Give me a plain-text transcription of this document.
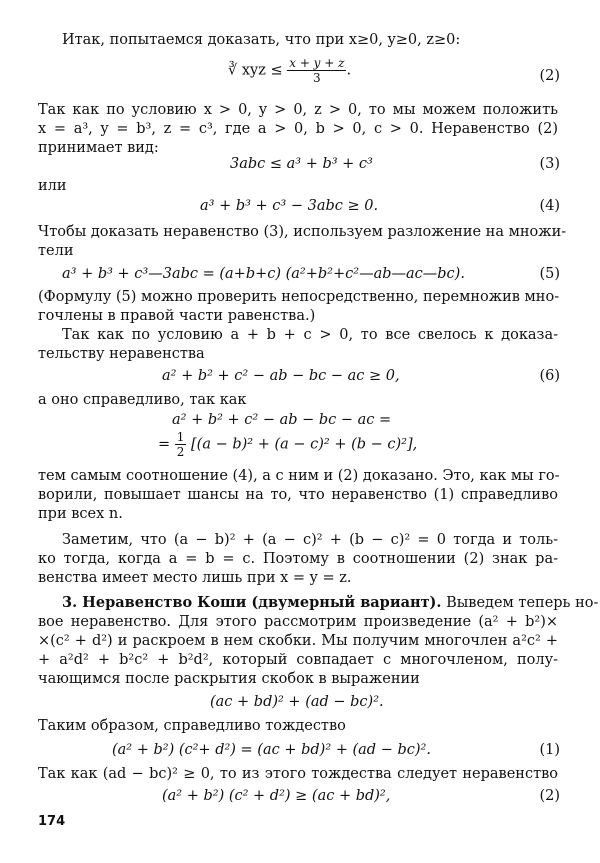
Итак, попытаемся доказать, что при x≥0, y≥0, z≥0:
∛ xyz ≤ $\frac{x + y + z}{3}$ .	(2)
Так как по условию x > 0, y > 0, z > 0, то мы можем положить
x = a³, y = b³, z = c³, где a > 0, b > 0, c > 0. Неравенство (2)
принимает вид:
3abc ≤ a³ + b³ + c³	(3)
или
a³ + b³ + c³ − 3abc ≥ 0.	(4)
Чтобы доказать неравенство (3), используем разложение на множи-
тели
a³ + b³ + c³—3abc = (a+b+c) (a²+b²+c²—ab—ac—bc).	(5)
(Формулу (5) можно проверить непосредственно, перемножив мно-
гочлены в правой части равенства.)
Так как по условию a + b + c > 0, то все свелось к доказа-
тельству неравенства
a² + b² + c² − ab − bc − ac ≥ 0,	(6)
а оно справедливо, так как
a² + b² + c² − ab − bc − ac =
= $\frac{1}{2} [(a - b)^2 + (a - c)^2 + (b - c)^2]$,
тем самым соотношение (4), а с ним и (2) доказано. Это, как мы го-
ворили, повышает шансы на то, что неравенство (1) справедливо
при всех n.
Заметим, что (a − b)² + (a − c)² + (b − c)² = 0 тогда и толь-
ко тогда, когда a = b = c. Поэтому в соотношении (2) знак ра-
венства имеет место лишь при x = y = z.
3. Неравенство Коши (двумерный вариант). Выведем теперь но-
вое неравенство. Для этого рассмотрим произведение (a² + b²)×
×(c² + d²) и раскроем в нем скобки. Мы получим многочлен a²c² +
+ a²d² + b²c² + b²d², который совпадает с многочленом, полу-
чающимся после раскрытия скобок в выражении
(ac + bd)² + (ad − bc)².
Таким образом, справедливо тождество
(a² + b²) (c²+ d²) = (ac + bd)² + (ad − bc)².	(1)
Так как (ad − bc)² ≥ 0, то из этого тождества следует неравенство
(a² + b²) (c² + d²) ≥ (ac + bd)²,	(2)
174
